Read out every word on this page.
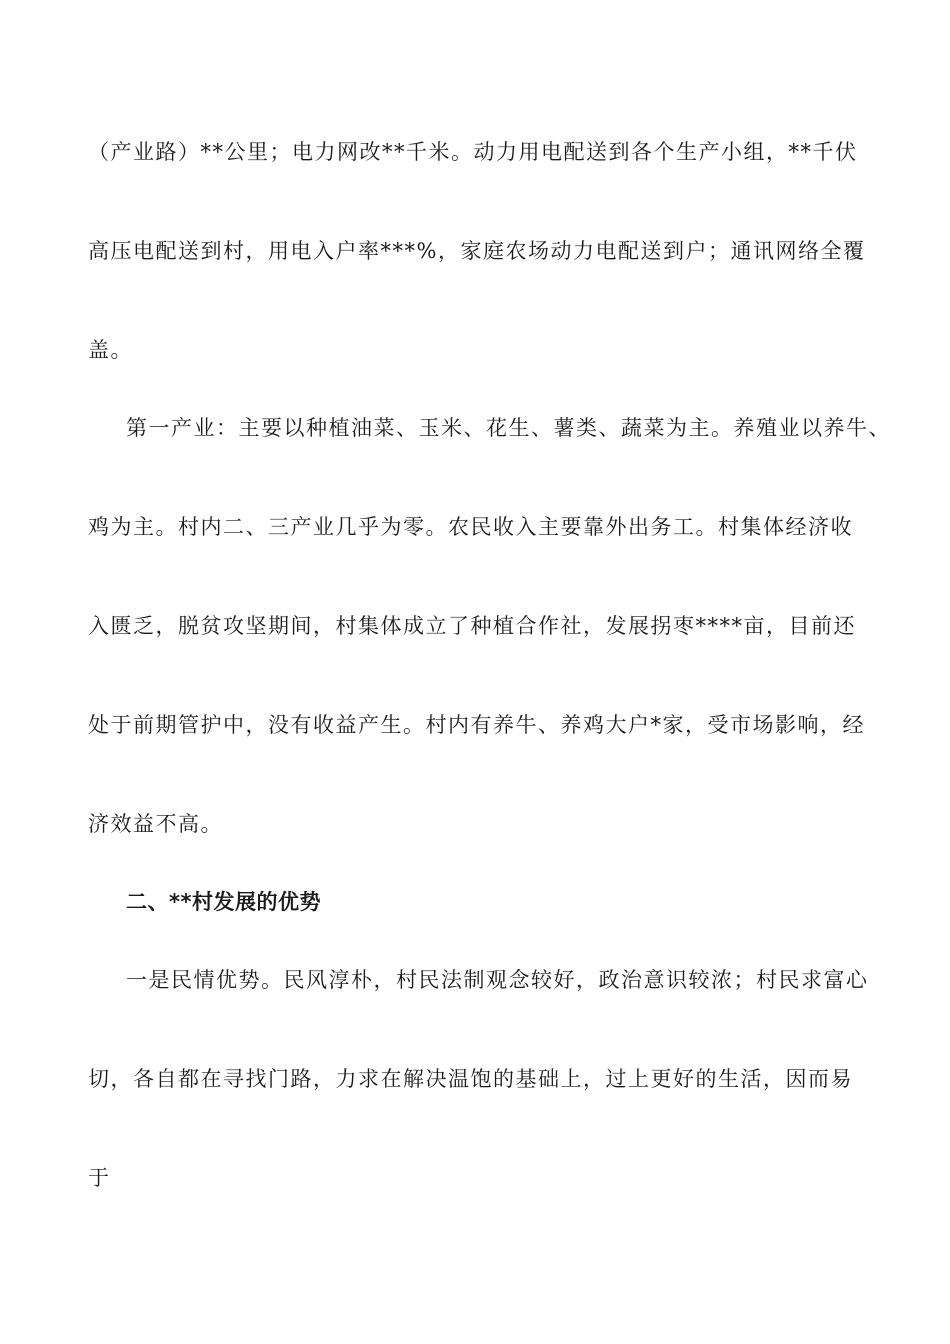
（产业路）**公里；电力网改**千米。动力用电配送到各个生产小组，**千伏
高压电配送到村，用电入户率***%，家庭农场动力电配送到户；通讯网络全覆
盖。
第一产业：主要以种植油菜、玉米、花生、薯类、蔬菜为主。养殖业以养牛、
鸡为主。村内二、三产业几乎为零。农民收入主要靠外出务工。村集体经济收
入匮乏，脱贫攻坚期间，村集体成立了种植合作社，发展拐枣****亩，目前还
处于前期管护中，没有收益产生。村内有养牛、养鸡大户*家，受市场影响，经
济效益不高。
二、**村发展的优势
一是民情优势。民风淳朴，村民法制观念较好，政治意识较浓；村民求富心
切，各自都在寻找门路，力求在解决温饱的基础上，过上更好的生活，因而易
于
